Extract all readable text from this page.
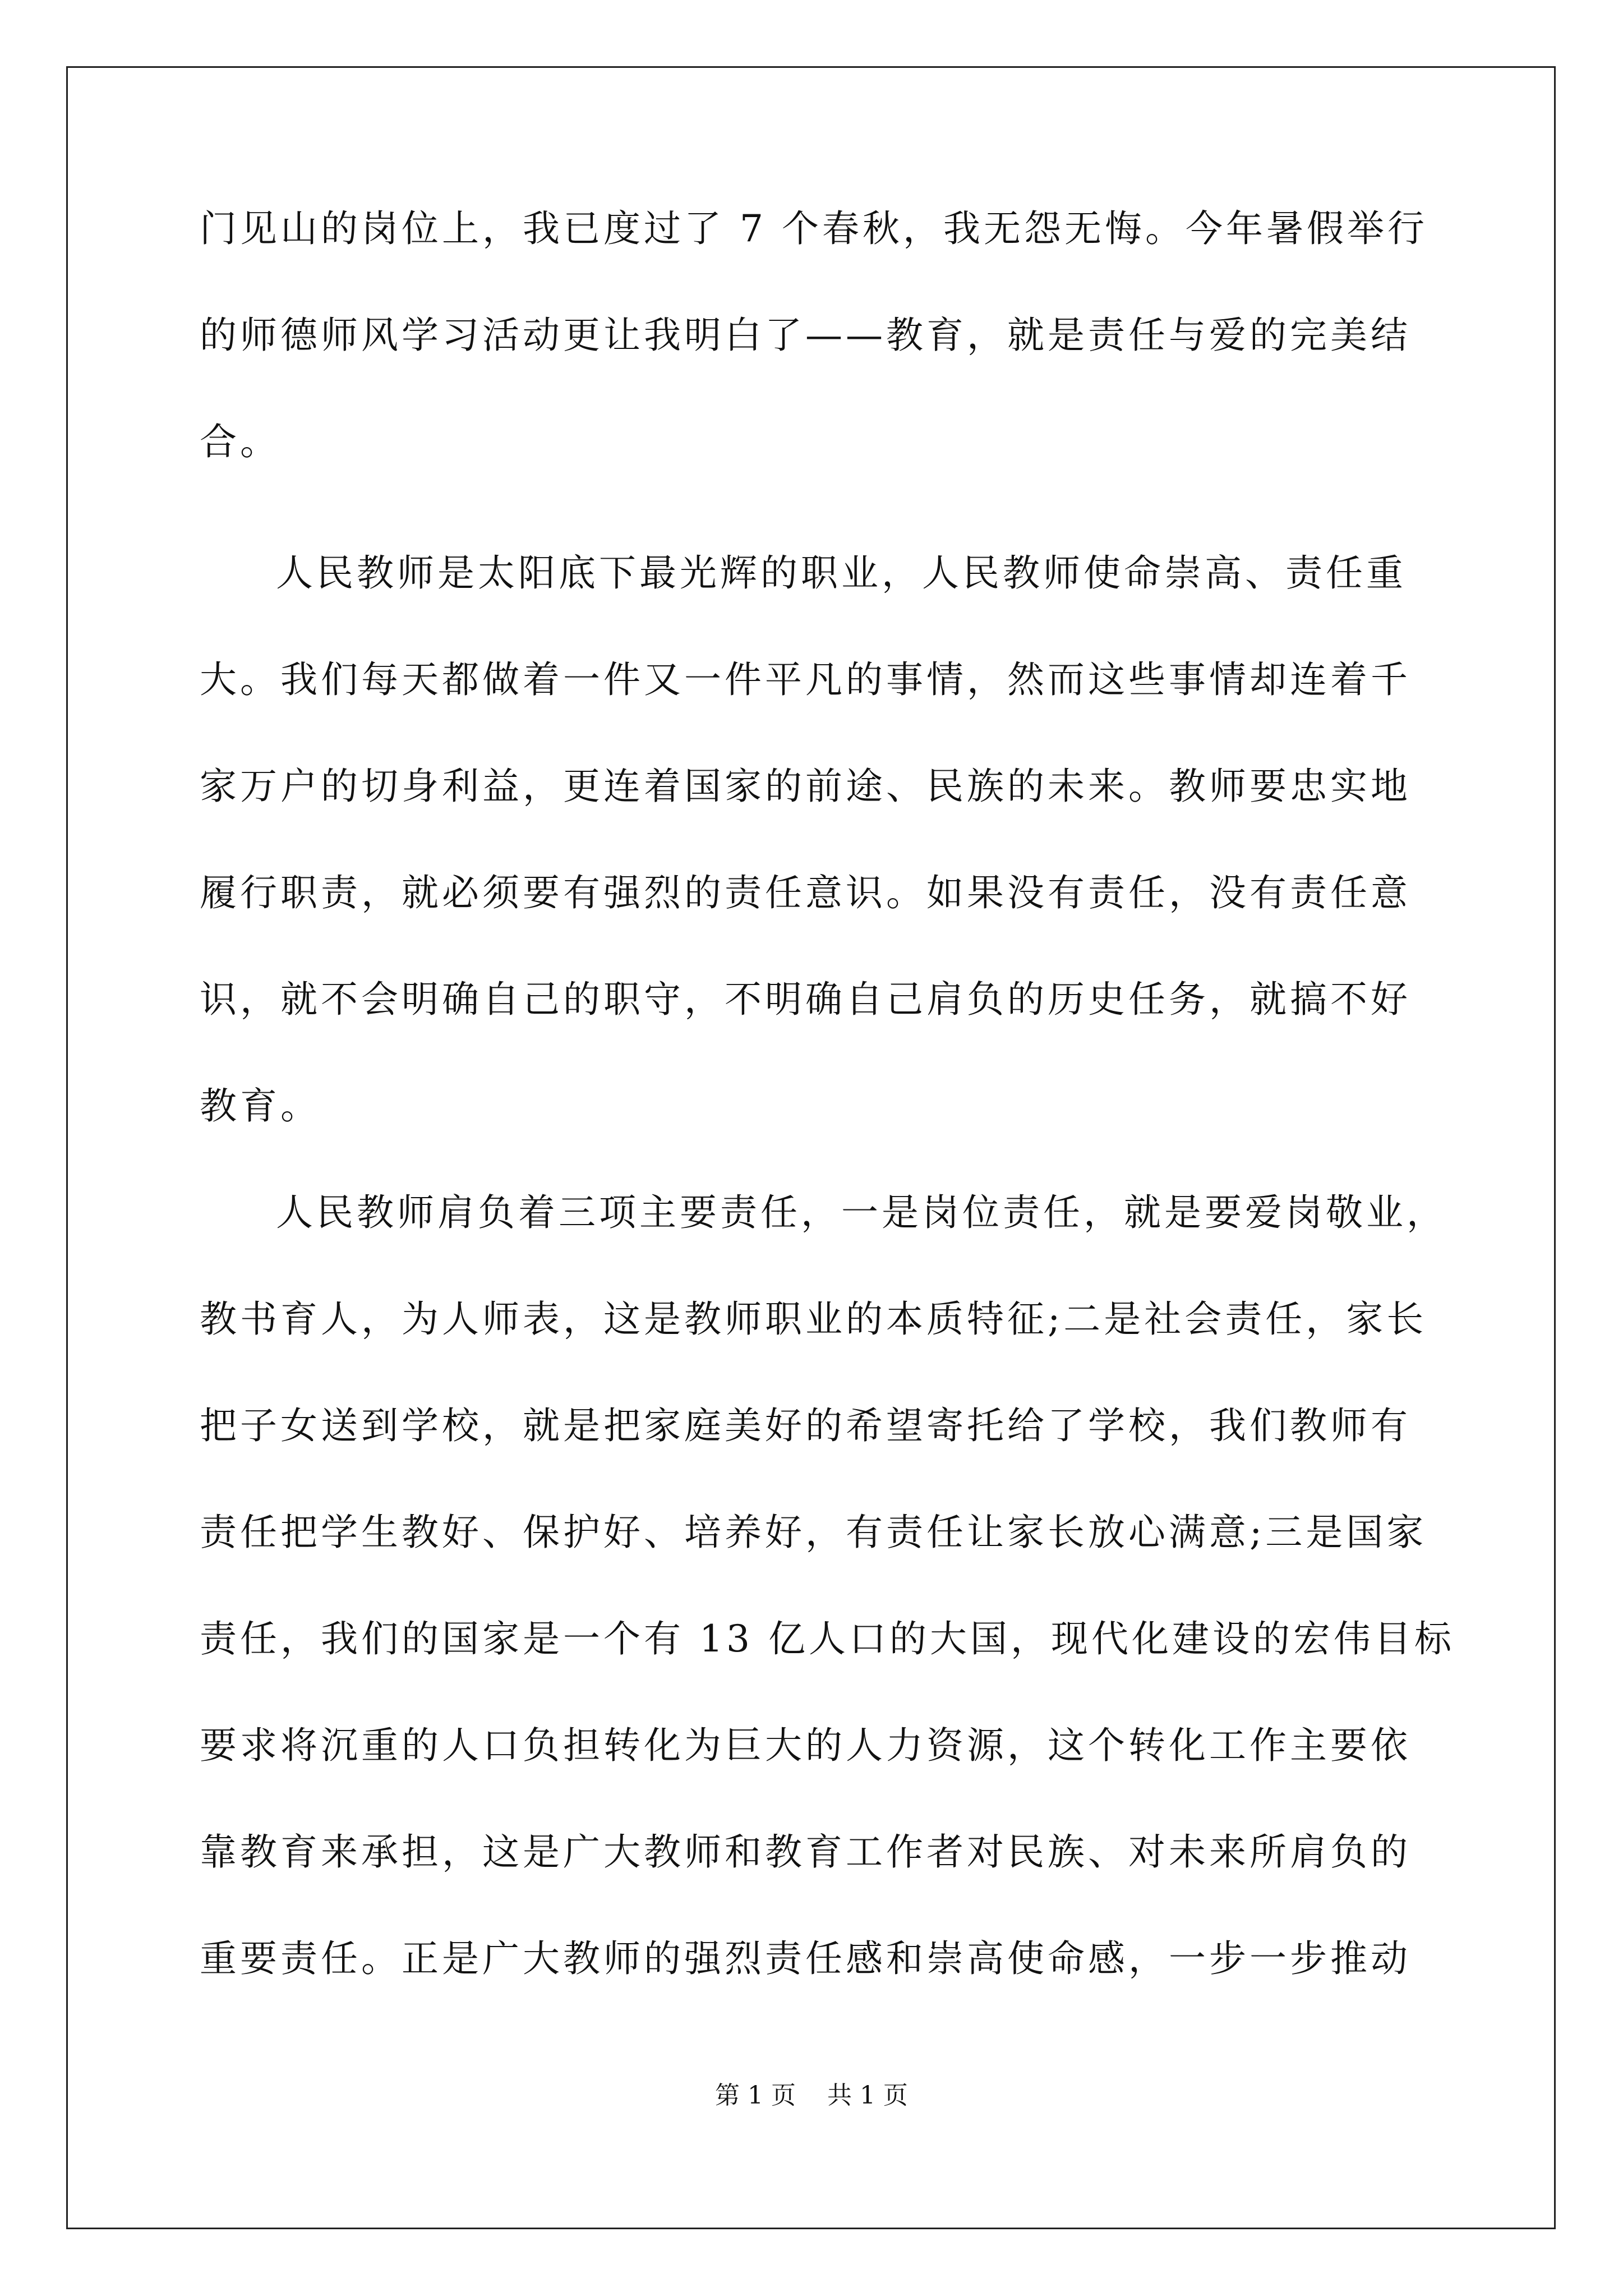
门见山的岗位上，我已度过了 7 个春秋，我无怨无悔。今年暑假举行
的师德师风学习活动更让我明白了——教育，就是责任与爱的完美结
合。
人民教师是太阳底下最光辉的职业，人民教师使命崇高、责任重
大。我们每天都做着一件又一件平凡的事情，然而这些事情却连着千
家万户的切身利益，更连着国家的前途、民族的未来。教师要忠实地
履行职责，就必须要有强烈的责任意识。如果没有责任，没有责任意
识，就不会明确自己的职守，不明确自己肩负的历史任务，就搞不好
教育。
人民教师肩负着三项主要责任，一是岗位责任，就是要爱岗敬业，
教书育人，为人师表，这是教师职业的本质特征;二是社会责任，家长
把子女送到学校，就是把家庭美好的希望寄托给了学校，我们教师有
责任把学生教好、保护好、培养好，有责任让家长放心满意;三是国家
责任，我们的国家是一个有 13 亿人口的大国，现代化建设的宏伟目标
要求将沉重的人口负担转化为巨大的人力资源，这个转化工作主要依
靠教育来承担，这是广大教师和教育工作者对民族、对未来所肩负的
重要责任。正是广大教师的强烈责任感和崇高使命感，一步一步推动
第 1 页    共 1 页
